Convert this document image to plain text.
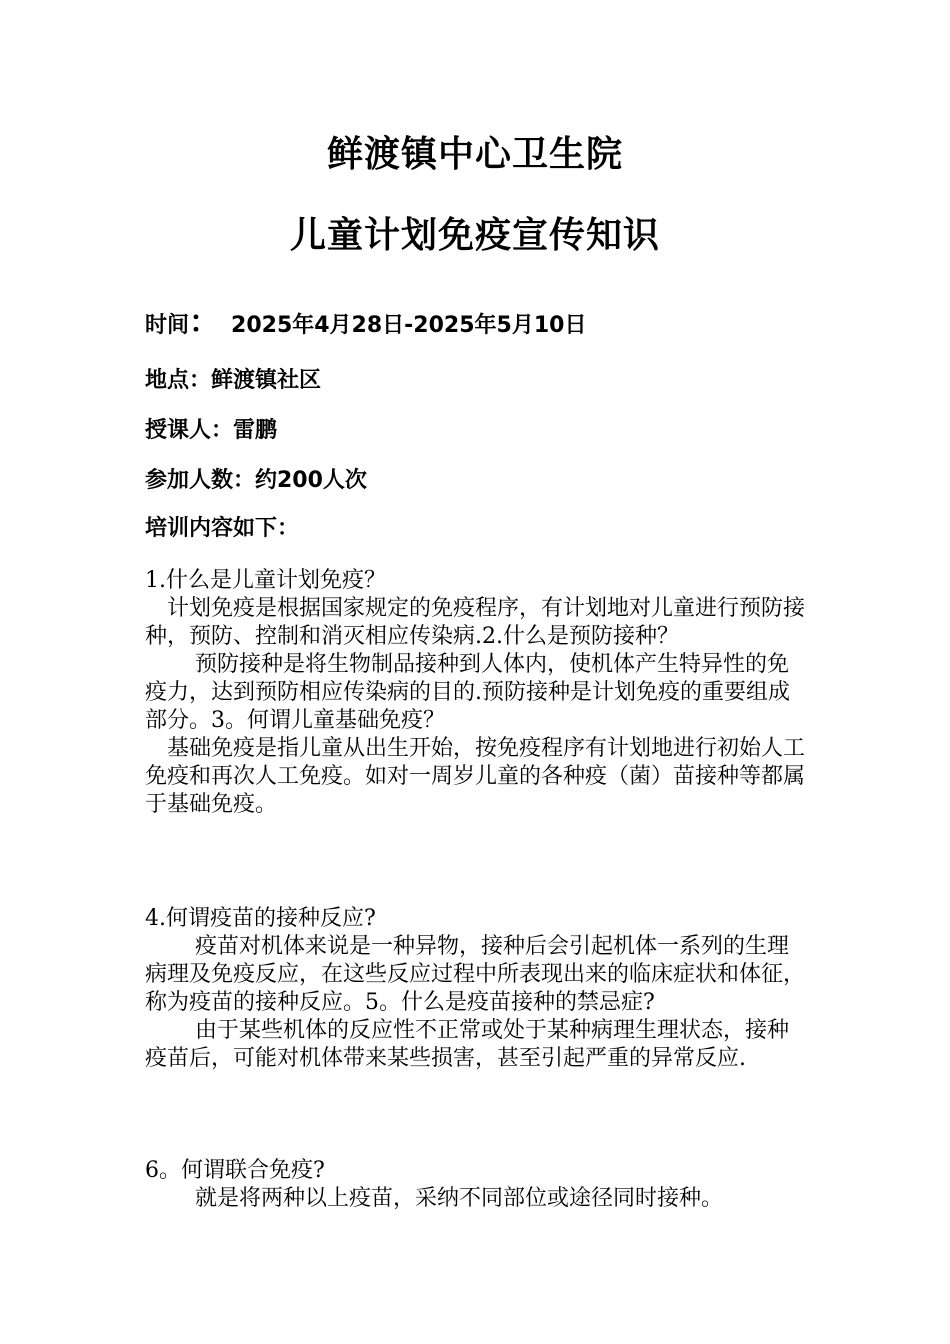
鲜渡镇中心卫生院
儿童计划免疫宣传知识
时间： 2025年4月28日-2025年5月10日
地点：鲜渡镇社区
授课人：雷鹏
参加人数：约200人次
培训内容如下：

1.什么是儿童计划免疫？

计划免疫是根据国家规定的免疫程序，有计划地对儿童进行预防接种，预防、控制和消灭相应传染病.2.什么是预防接种？

预防接种是将生物制品接种到人体内，使机体产生特异性的免疫力，达到预防相应传染病的目的.预防接种是计划免疫的重要组成部分。3。何谓儿童基础免疫？

基础免疫是指儿童从出生开始，按免疫程序有计划地进行初始人工免疫和再次人工免疫。如对一周岁儿童的各种疫（菌）苗接种等都属于基础免疫。

4.何谓疫苗的接种反应?

疫苗对机体来说是一种异物，接种后会引起机体一系列的生理病理及免疫反应，在这些反应过程中所表现出来的临床症状和体征，称为疫苗的接种反应。5。什么是疫苗接种的禁忌症?

由于某些机体的反应性不正常或处于某种病理生理状态，接种疫苗后，可能对机体带来某些损害，甚至引起严重的异常反应.

6。何谓联合免疫?

就是将两种以上疫苗，采纳不同部位或途径同时接种。
